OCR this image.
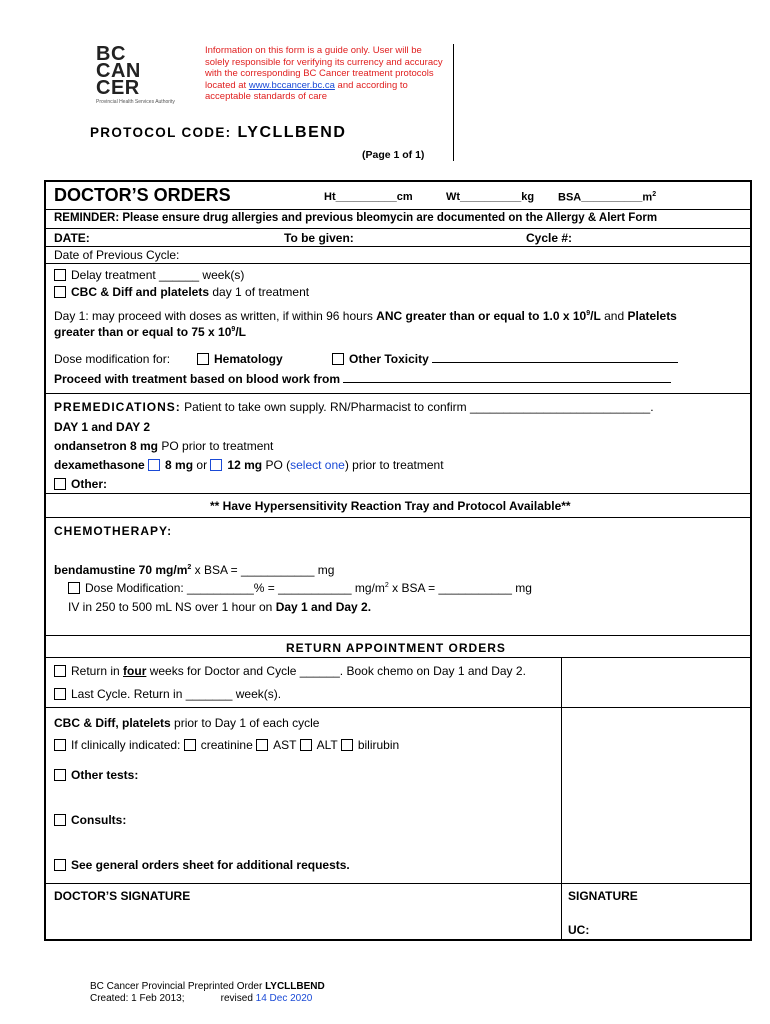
BC
CAN
CER
Provincial Health Services Authority
Information on this form is a guide only. User will be solely responsible for verifying its currency and accuracy with the corresponding BC Cancer treatment protocols located at www.bccancer.bc.ca and according to acceptable standards of care
PROTOCOL CODE: LYCLLBEND
(Page 1 of 1)
DOCTOR’S ORDERS	Ht__________cm	Wt__________kg $BSA\_\_\_\_\_\_\_\_\_\_m^2$
REMINDER: Please ensure drug allergies and previous bleomycin are documented on the Allergy & Alert Form
DATE:	To be given:	Cycle #:
Date of Previous Cycle:
Delay treatment ______ week(s)
CBC & Diff and platelets day 1 of treatment
Day 1: may proceed with doses as written, if within 96 hours ANC greater than or equal to 1.0 x $10^9/L$ and Platelets
greater than or equal to 75 x $10^9/L$
Dose modification for:	Hematology	Other Toxicity
Proceed with treatment based on blood work from
PREMEDICATIONS: Patient to take own supply. RN/Pharmacist to confirm ___________________________.
DAY 1 and DAY 2
ondansetron 8 mg PO prior to treatment
dexamethasone 8 mg or 12 mg PO (select one) prior to treatment
Other:
** Have Hypersensitivity Reaction Tray and Protocol Available**
CHEMOTHERAPY:
bendamustine 70 $mg/m^2$ x BSA = ___________ mg
Dose Modification: __________% = ___________ $mg/m^2$ x BSA = ___________ mg
IV in 250 to 500 mL NS over 1 hour on Day 1 and Day 2.
RETURN APPOINTMENT ORDERS
Return in four weeks for Doctor and Cycle ______. Book chemo on Day 1 and Day 2.
Last Cycle. Return in _______ week(s).
CBC & Diff, platelets prior to Day 1 of each cycle
If clinically indicated: creatinine AST ALT bilirubin
Other tests:
Consults:
See general orders sheet for additional requests.
DOCTOR’S SIGNATURE	SIGNATURE
UC:
BC Cancer Provincial Preprinted Order LYCLLBEND
Created: 1 Feb 2013;	revised 14 Dec 2020
